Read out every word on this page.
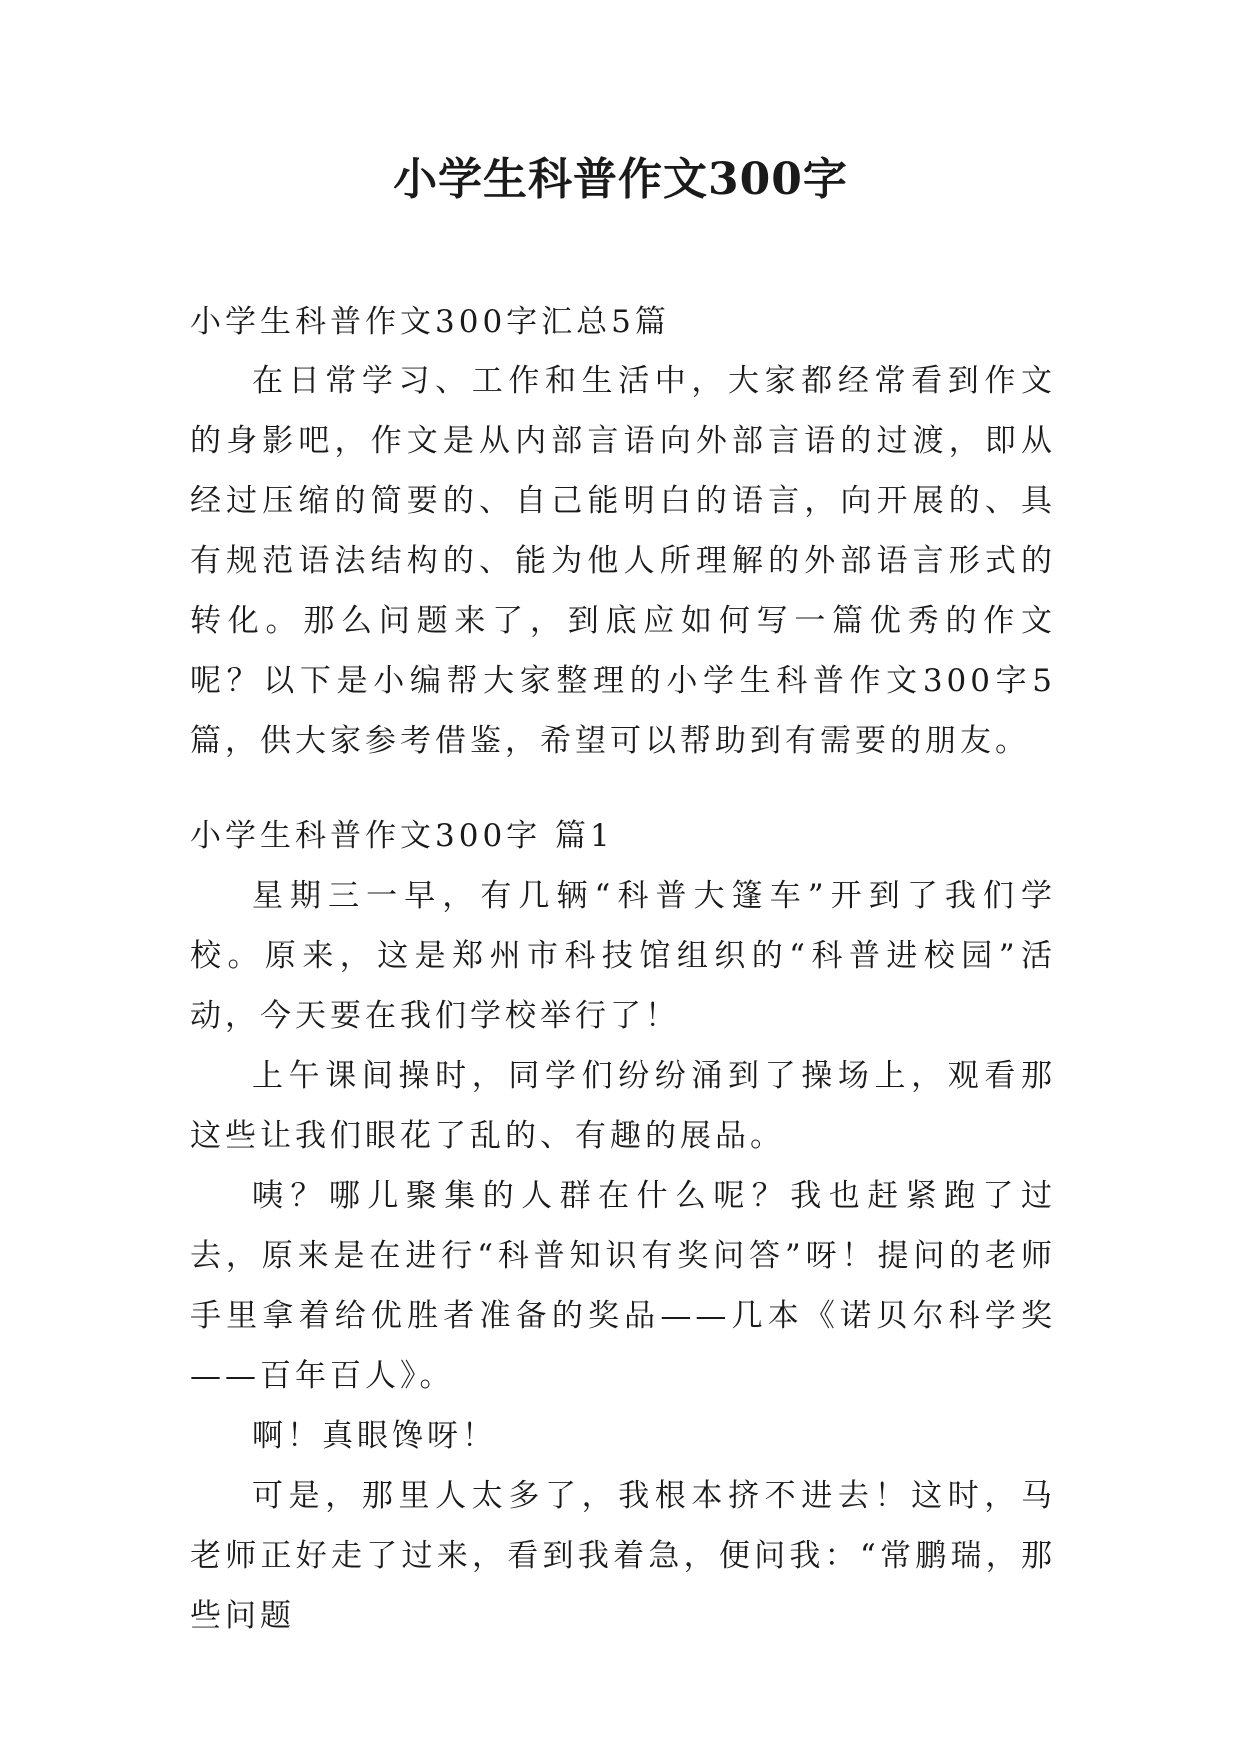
小学生科普作文300字
小学生科普作文300字汇总5篇

在日常学习、工作和生活中，大家都经常看到作文的身影吧，作文是从内部言语向外部言语的过渡，即从经过压缩的简要的、自己能明白的语言，向开展的、具有规范语法结构的、能为他人所理解的外部语言形式的转化。那么问题来了，到底应如何写一篇优秀的作文呢？以下是小编帮大家整理的小学生科普作文300字5篇，供大家参考借鉴，希望可以帮助到有需要的朋友。

小学生科普作文300字 篇1

星期三一早，有几辆“科普大篷车”开到了我们学校。原来，这是郑州市科技馆组织的“科普进校园”活动，今天要在我们学校举行了！

上午课间操时，同学们纷纷涌到了操场上，观看那这些让我们眼花了乱的、有趣的展品。

咦？哪儿聚集的人群在什么呢？我也赶紧跑了过去，原来是在进行“科普知识有奖问答”呀！提问的老师手里拿着给优胜者准备的奖品——几本《诺贝尔科学奖——百年百人》。

啊！真眼馋呀！

可是，那里人太多了，我根本挤不进去！这时，马老师正好走了过来，看到我着急，便问我：“常鹏瑞，那些问题
